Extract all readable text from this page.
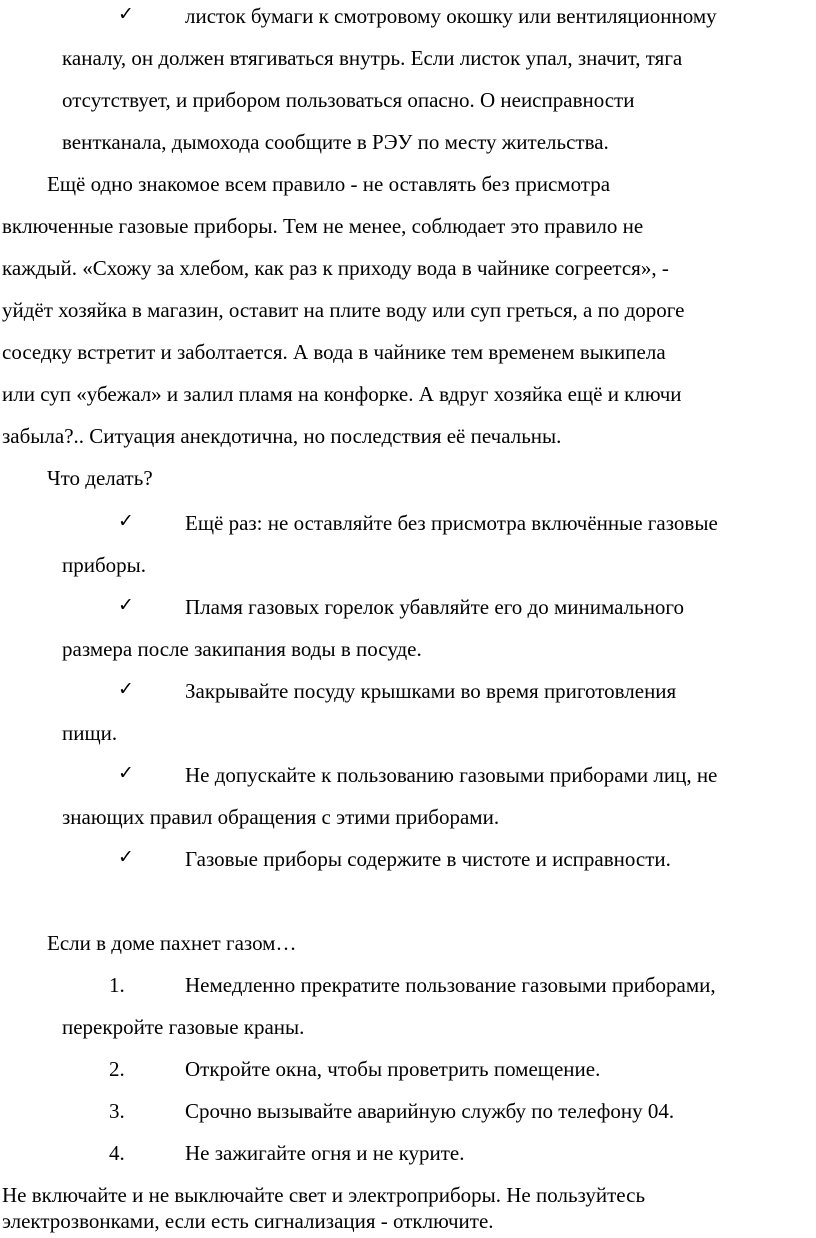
✓ листок бумаги к смотровому окошку или вентиляционному
каналу, он должен втягиваться внутрь. Если листок упал, значит, тяга
отсутствует, и прибором пользоваться опасно. О неисправности
вентканала, дымохода сообщите в РЭУ по месту жительства.
Ещё одно знакомое всем правило - не оставлять без присмотра
включенные газовые приборы. Тем не менее, соблюдает это правило не
каждый. «Схожу за хлебом, как раз к приходу вода в чайнике согреется», -
уйдёт хозяйка в магазин, оставит на плите воду или суп греться, а по дороге
соседку встретит и заболтается. А вода в чайнике тем временем выкипела
или суп «убежал» и залил пламя на конфорке. А вдруг хозяйка ещё и ключи
забыла?.. Ситуация анекдотична, но последствия её печальны.
Что делать?
✓ Ещё раз: не оставляйте без присмотра включённые газовые
приборы.
✓ Пламя газовых горелок убавляйте его до минимального
размера после закипания воды в посуде.
✓ Закрывайте посуду крышками во время приготовления
пищи.
✓ Не допускайте к пользованию газовыми приборами лиц, не
знающих правил обращения с этими приборами.
✓ Газовые приборы содержите в чистоте и исправности.
Если в доме пахнет газом…
1.	Немедленно прекратите пользование газовыми приборами,
перекройте газовые краны.
2.	Откройте окна, чтобы проветрить помещение.
3.	Срочно вызывайте аварийную службу по телефону 04.
4.	Не зажигайте огня и не курите.
Не включайте и не выключайте свет и электроприборы. Не пользуйтесь
электрозвонками, если есть сигнализация - отключите.
